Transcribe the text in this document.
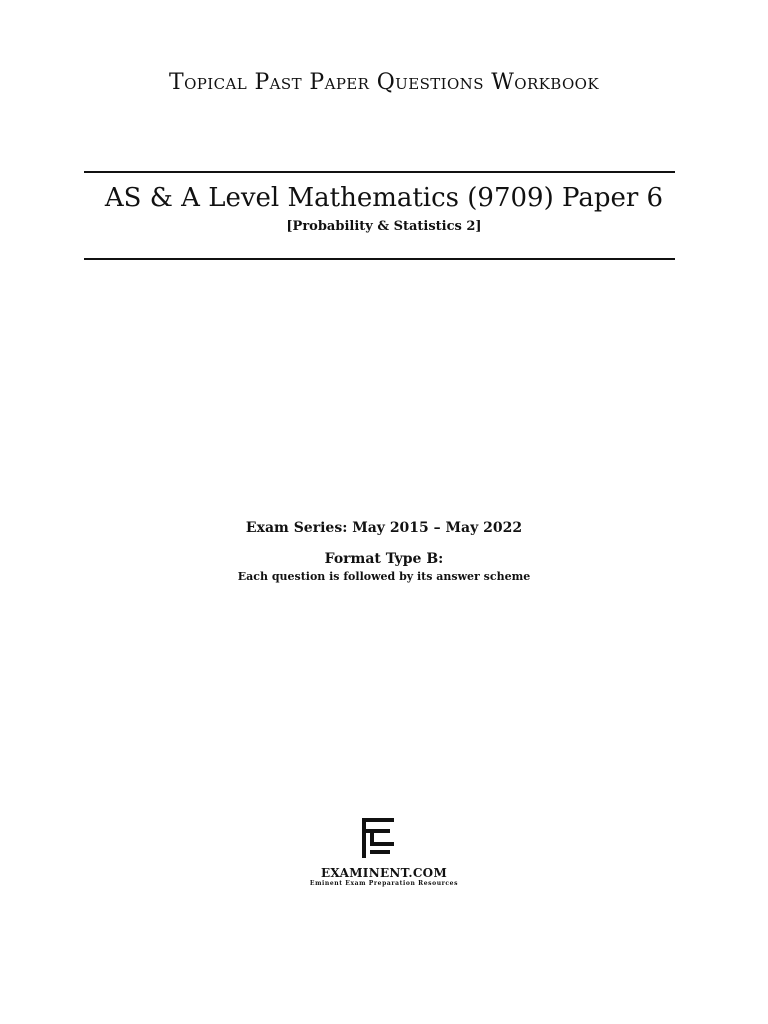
Topical Past Paper Questions Workbook
AS & A Level Mathematics (9709) Paper 6
[Probability & Statistics 2]
Exam Series: May 2015 – May 2022
Format Type B:
Each question is followed by its answer scheme
EXAMINENT.COM
Eminent Exam Preparation Resources
